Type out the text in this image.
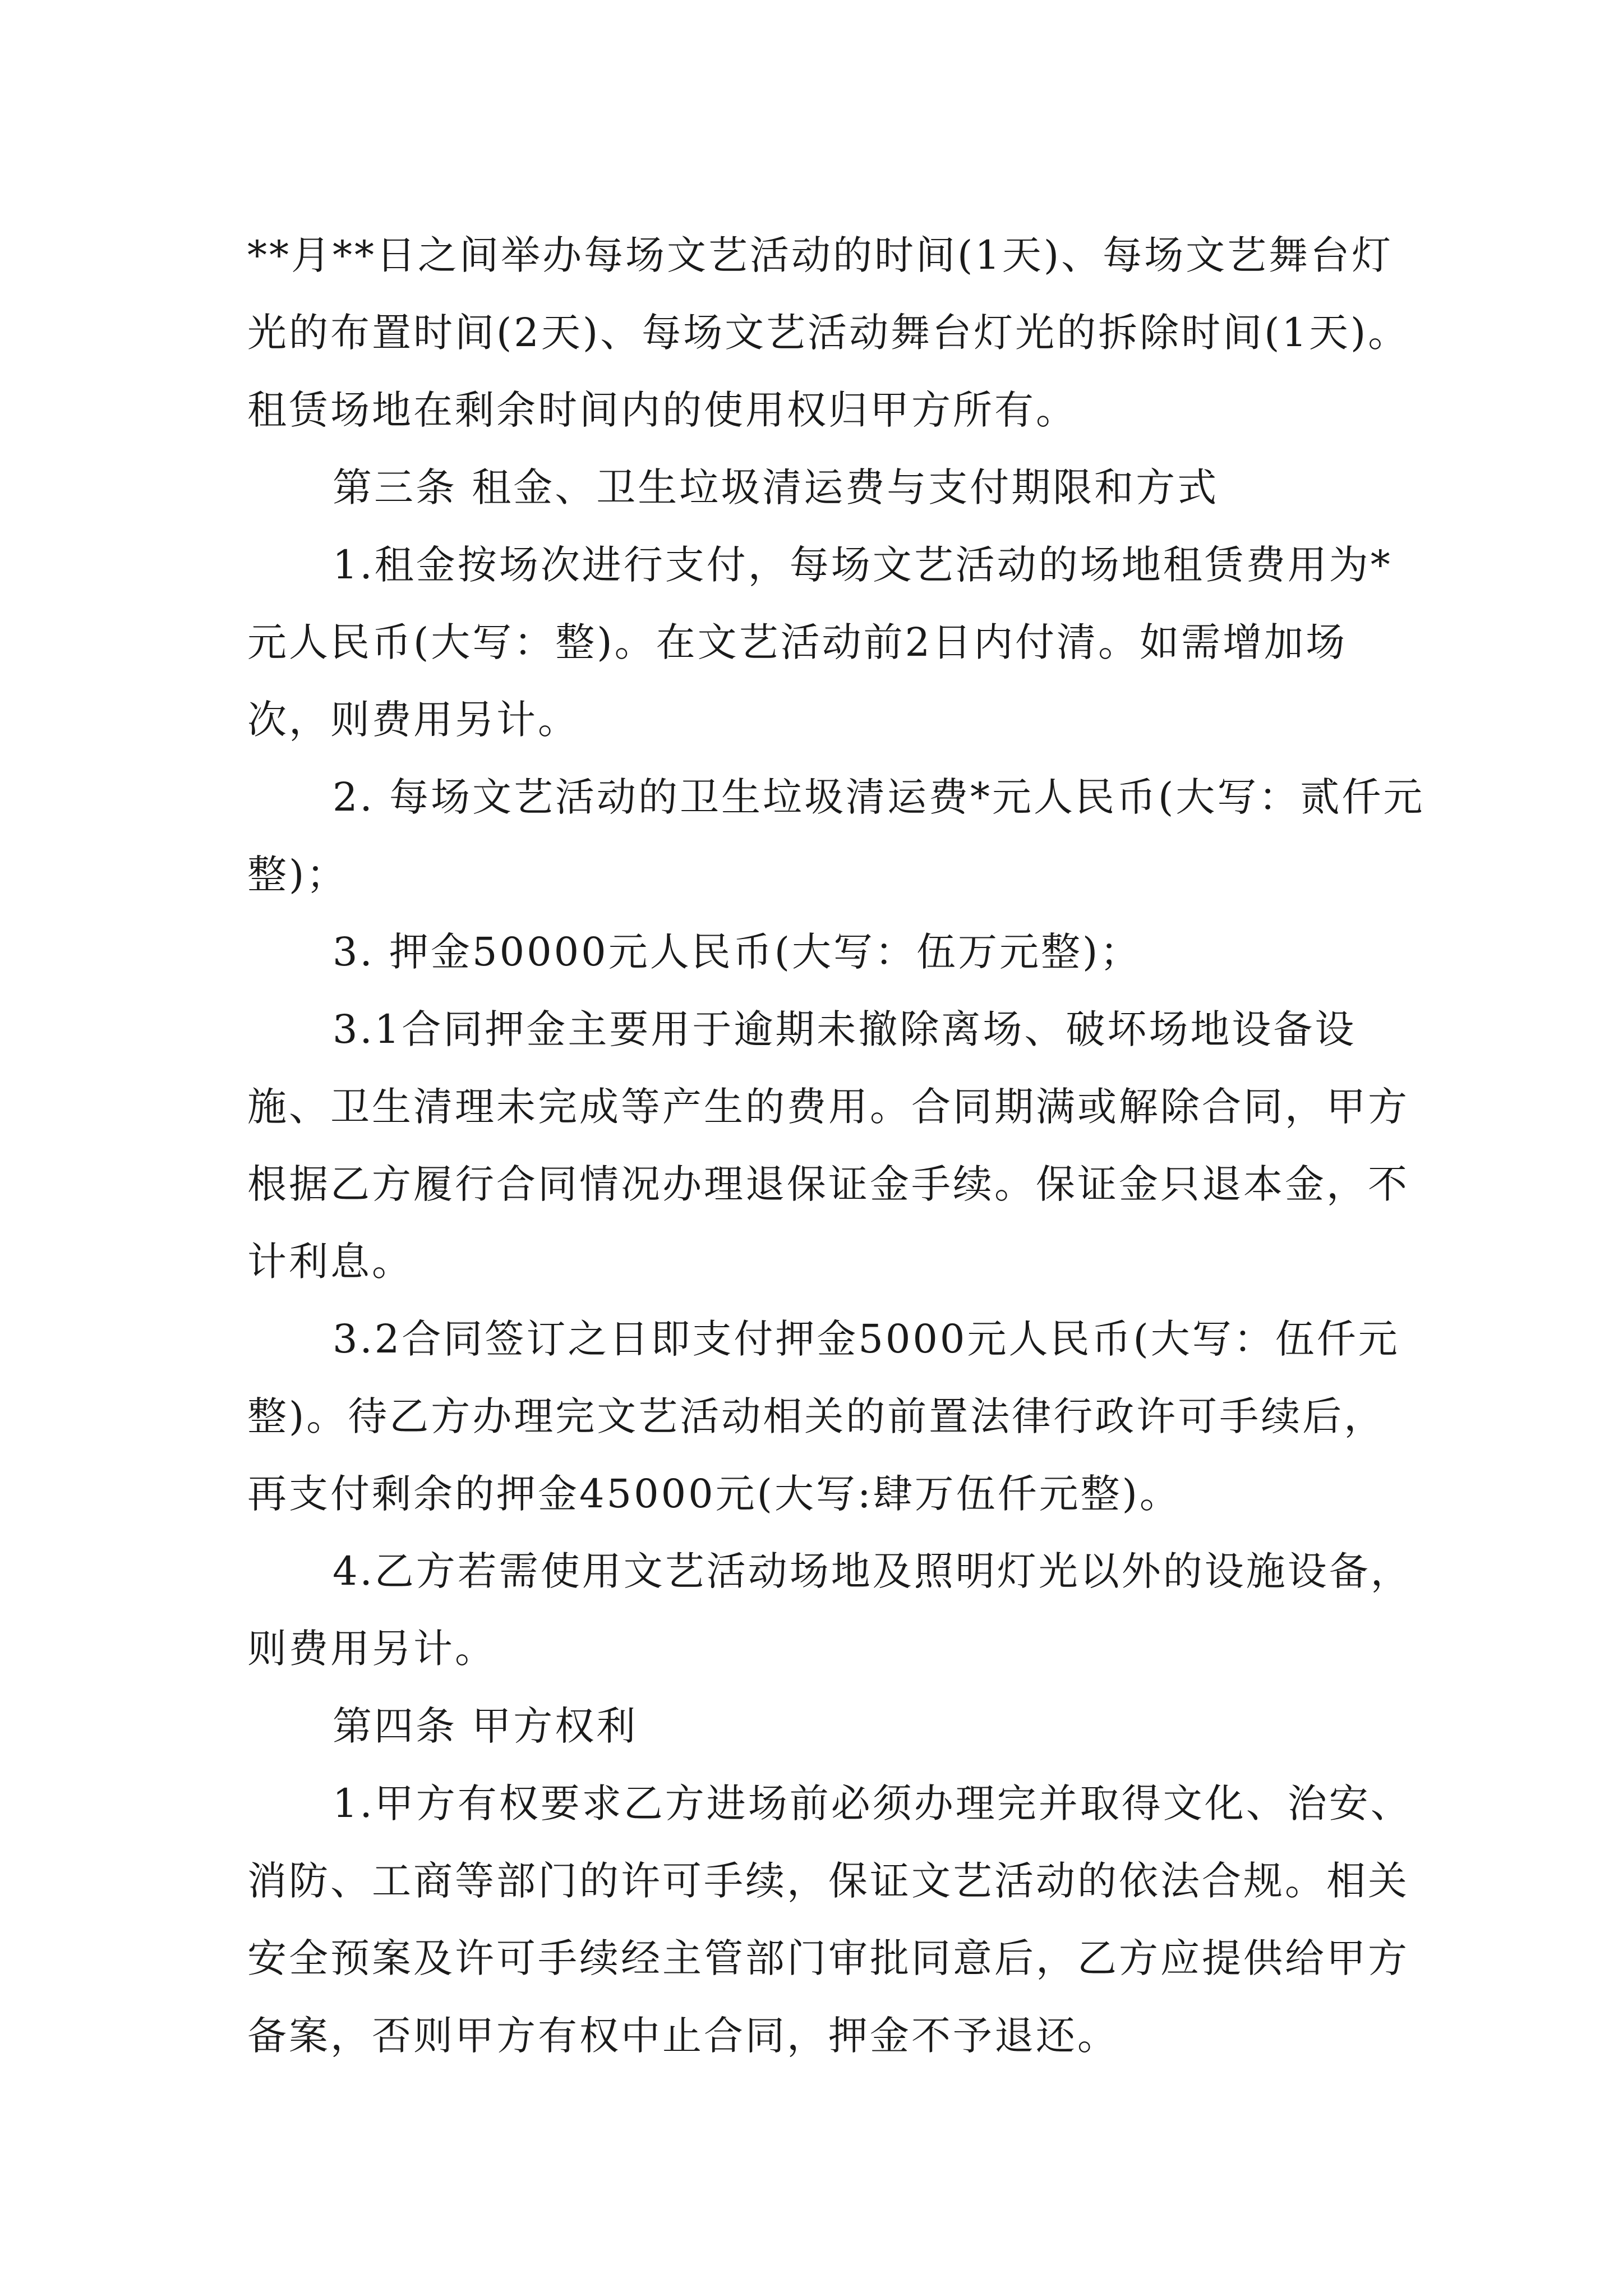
**月**日之间举办每场文艺活动的时间(1天)、每场文艺舞台灯光的布置时间(2天)、每场文艺活动舞台灯光的拆除时间(1天)。租赁场地在剩余时间内的使用权归甲方所有。

第三条 租金、卫生垃圾清运费与支付期限和方式

1.租金按场次进行支付，每场文艺活动的场地租赁费用为*元人民币(大写：整)。在文艺活动前2日内付清。如需增加场次，则费用另计。

2. 每场文艺活动的卫生垃圾清运费*元人民币(大写：贰仟元整)；

3. 押金50000元人民币(大写：伍万元整)；

3.1合同押金主要用于逾期未撤除离场、破坏场地设备设施、卫生清理未完成等产生的费用。合同期满或解除合同，甲方根据乙方履行合同情况办理退保证金手续。保证金只退本金，不计利息。

3.2合同签订之日即支付押金5000元人民币(大写：伍仟元整)。待乙方办理完文艺活动相关的前置法律行政许可手续后，再支付剩余的押金45000元(大写:肆万伍仟元整)。

4.乙方若需使用文艺活动场地及照明灯光以外的设施设备，则费用另计。

第四条 甲方权利

1.甲方有权要求乙方进场前必须办理完并取得文化、治安、消防、工商等部门的许可手续，保证文艺活动的依法合规。相关安全预案及许可手续经主管部门审批同意后，乙方应提供给甲方备案，否则甲方有权中止合同，押金不予退还。
